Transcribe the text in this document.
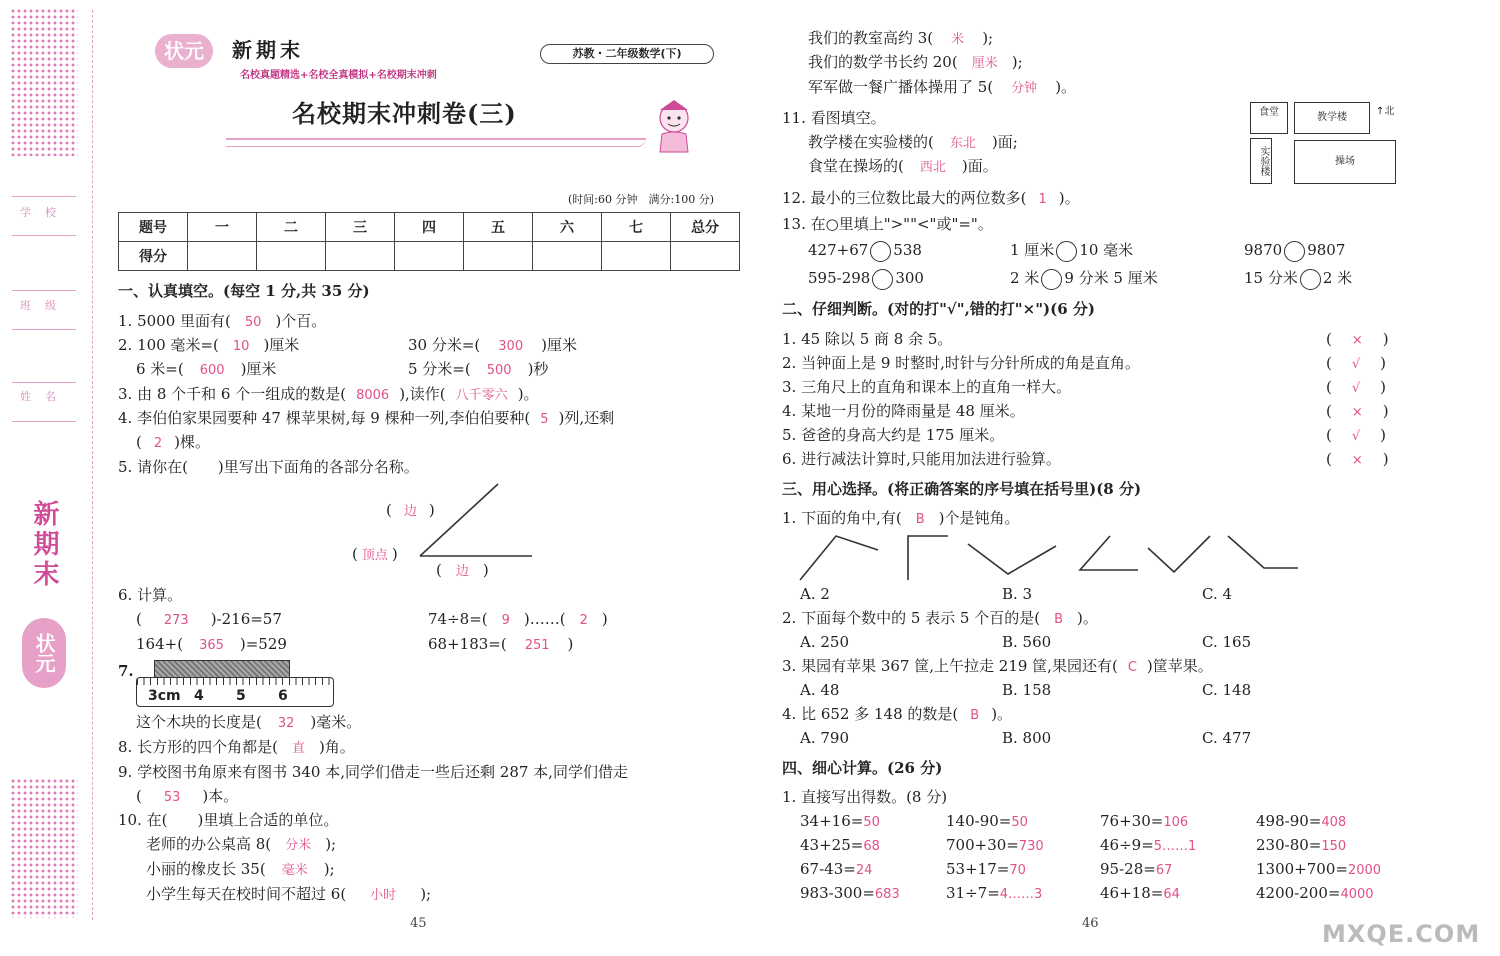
学校
班级
姓名
新期末
状元
状元	新期末
名校真题精选+名校全真模拟+名校期末冲刺
苏教・二年级数学(下)
名校期末冲刺卷(三)
(时间:60 分钟　满分:100 分)
题号	一	二	三	四	五	六	七	总分
得分								
一、认真填空。(每空 1 分,共 35 分)
1. 5000 里面有( 50 )个百。
2. 100 毫米=( 10 )厘米	30 分米=( 300 )厘米
6 米=( 600 )厘米	5 分米=( 500 )秒
3. 由 8 个千和 6 个一组成的数是( 8006 ),读作( 八千零六 )。
4. 李伯伯家果园要种 47 棵苹果树,每 9 棵种一列,李伯伯要种( 5 )列,还剩
( 2 )棵。
5. 请你在(　　)里写出下面角的各部分名称。
( 边 )
( 顶点 )
( 边 )
6. 计算。
( 273 )-216=57	74÷8=( 9 )……( 2 )
164+( 365 )=529	68+183=( 251 )
7.
3cm 4 5 6
这个木块的长度是( 32 )毫米。
8. 长方形的四个角都是( 直 )角。
9. 学校图书角原来有图书 340 本,同学们借走一些后还剩 287 本,同学们借走
( 53 )本。
10. 在(　　)里填上合适的单位。
老师的办公桌高 8( 分米 );
小丽的橡皮长 35( 毫米 );
小学生每天在校时间不超过 6( 小时 );
45
我们的教室高约 3( 米 );
我们的数学书长约 20( 厘米 );
军军做一餐广播体操用了 5( 分钟 )。
11. 看图填空。
教学楼在实验楼的( 东北 )面;
食堂在操场的( 西北 )面。
食堂	教学楼
实验楼	操场
↑北
12. 最小的三位数比最大的两位数多( 1 )。
13. 在○里填上">""<"或"="。
427+67 538	1 厘米 10 毫米	9870 9807
595-298 300	2 米 9 分米 5 厘米	15 分米 2 米
二、仔细判断。(对的打"√",错的打"×")(6 分)
1. 45 除以 5 商 8 余 5。	( × )
2. 当钟面上是 9 时整时,时针与分针所成的角是直角。	( √ )
3. 三角尺上的直角和课本上的直角一样大。	( √ )
4. 某地一月份的降雨量是 48 厘米。	( × )
5. 爸爸的身高大约是 175 厘米。	( √ )
6. 进行减法计算时,只能用加法进行验算。	( × )
三、用心选择。(将正确答案的序号填在括号里)(8 分)
1. 下面的角中,有( B )个是钝角。
A. 2	B. 3	C. 4
2. 下面每个数中的 5 表示 5 个百的是( B )。
A. 250	B. 560	C. 165
3. 果园有苹果 367 筐,上午拉走 219 筐,果园还有( C )筐苹果。
A. 48	B. 158	C. 148
4. 比 652 多 148 的数是( B )。
A. 790	B. 800	C. 477
四、细心计算。(26 分)
1. 直接写出得数。(8 分)
34+16=50	140-90=50	76+30=106	498-90=408
43+25=68	700+30=730	46÷9=5……1	230-80=150
67-43=24	53+17=70	95-28=67	1300+700=2000
983-300=683	31÷7=4……3	46+18=64	4200-200=4000
46	MXQE.COM
